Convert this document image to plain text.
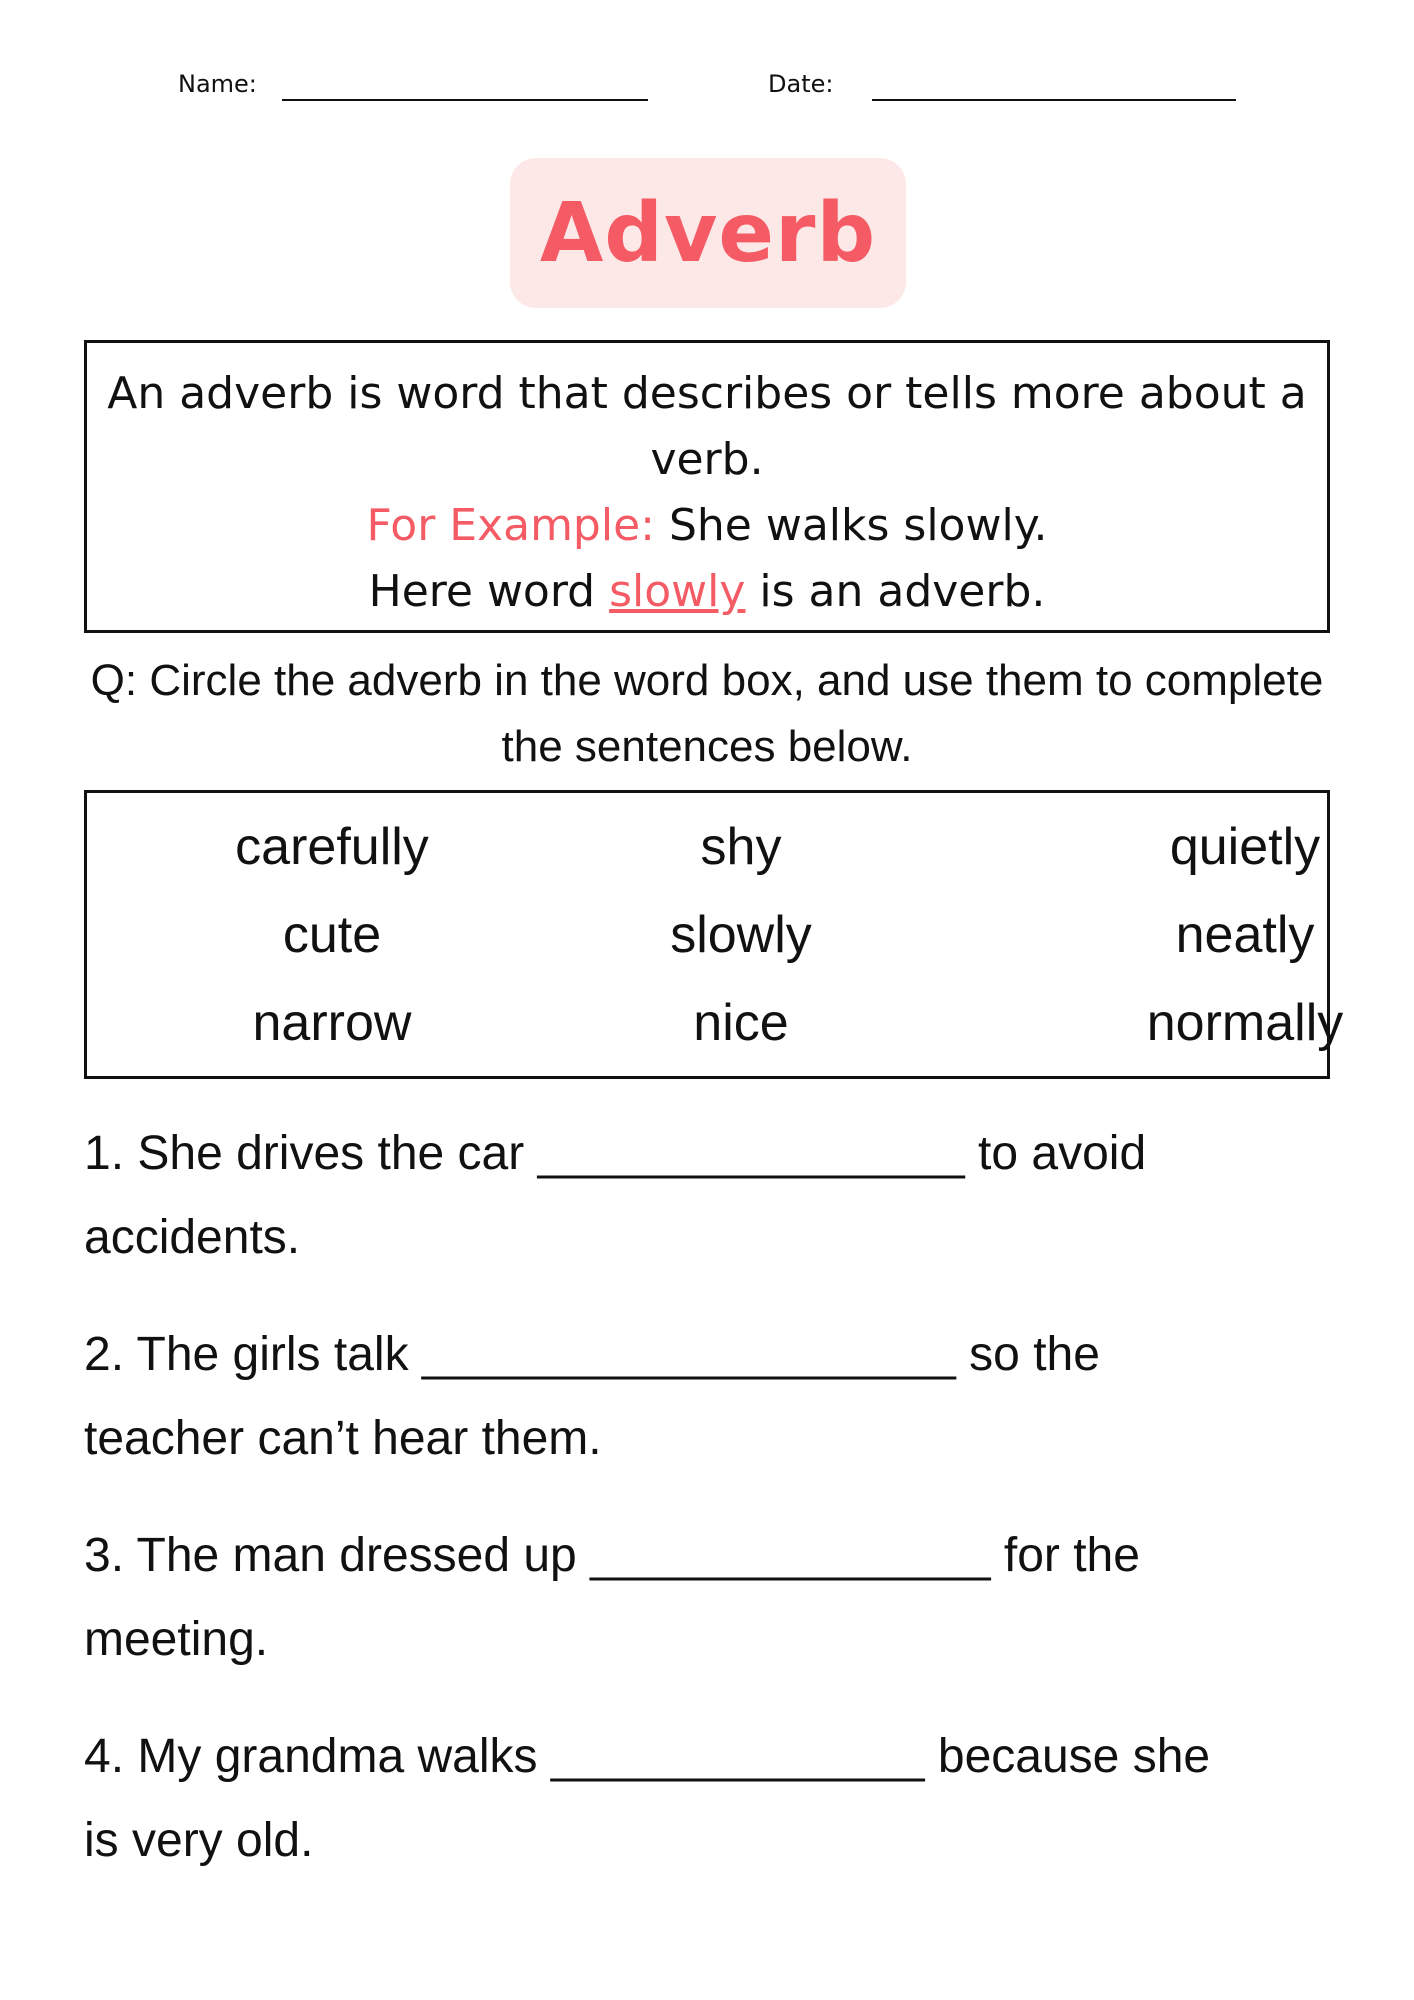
Name:	Date:
Adverb
An adverb is word that describes or tells more about a verb.
For Example: She walks slowly.
Here word slowly is an adverb.
Q: Circle the adverb in the word box, and use them to complete the sentences below.
carefully
cute
narrow
shy
slowly
nice
quietly
neatly
normally
1. She drives the car ________________ to avoid
accidents.
2. The girls talk ____________________ so the
teacher can’t hear them.
3. The man dressed up _______________ for the
meeting.
4. My grandma walks ______________ because she
is very old.
